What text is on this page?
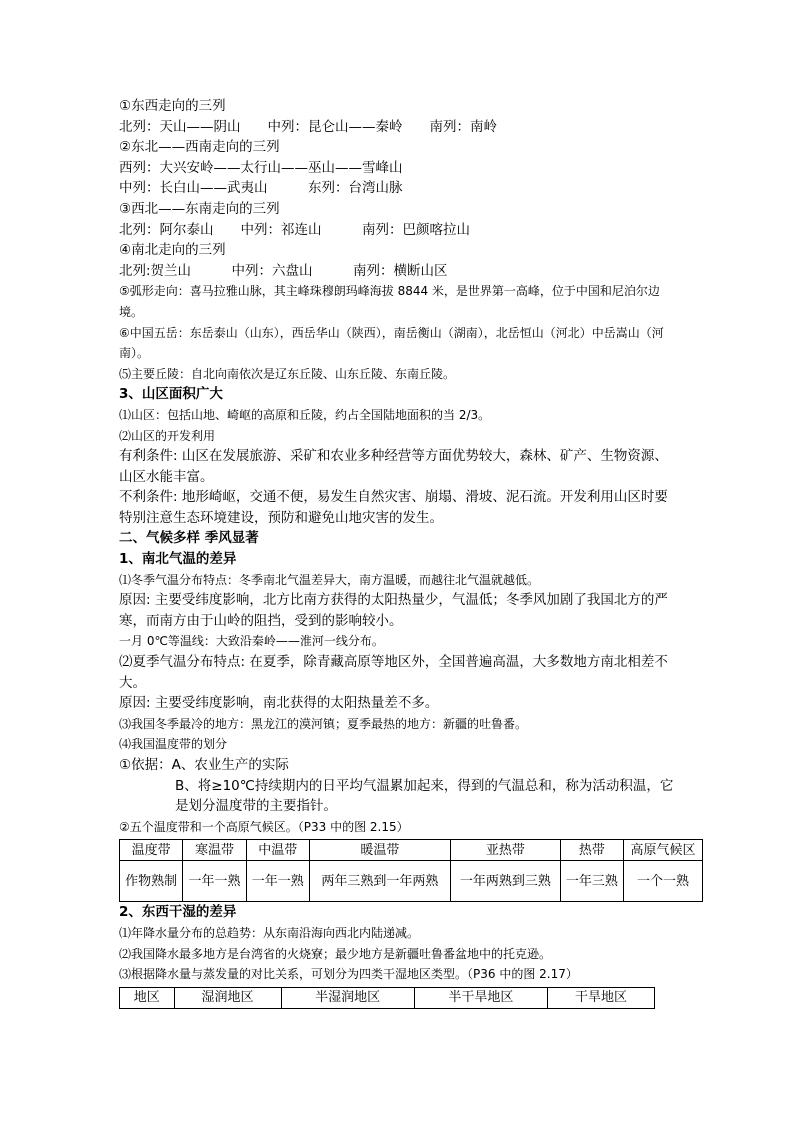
①东西走向的三列
北列：天山——阴山　　中列：昆仑山——秦岭　　南列：南岭
②东北——西南走向的三列
西列：大兴安岭——太行山——巫山——雪峰山
中列：长白山——武夷山　　　东列：台湾山脉
③西北——东南走向的三列
北列：阿尔泰山　　中列：祁连山　　　南列：巴颜喀拉山
④南北走向的三列
北列:贺兰山　　　中列：六盘山　　　南列：横断山区
⑤弧形走向：喜马拉雅山脉，其主峰珠穆朗玛峰海拔 8844 米，是世界第一高峰，位于中国和尼泊尔边境。
⑥中国五岳：东岳泰山（山东），西岳华山（陕西），南岳衡山（湖南），北岳恒山（河北）中岳嵩山（河南）。
⑸主要丘陵：自北向南依次是辽东丘陵、山东丘陵、东南丘陵。
3、山区面积广大
⑴山区：包括山地、崎岖的高原和丘陵，约占全国陆地面积的当 2/3。
⑵山区的开发利用
有利条件: 山区在发展旅游、采矿和农业多种经营等方面优势较大，森林、矿产、生物资源、山区水能丰富。
不利条件: 地形崎岖，交通不便，易发生自然灾害、崩塌、滑坡、泥石流。开发利用山区时要特别注意生态环境建设，预防和避免山地灾害的发生。
二、气候多样 季风显著
1、南北气温的差异
⑴冬季气温分布特点：冬季南北气温差异大，南方温暖，而越往北气温就越低。
原因: 主要受纬度影响，北方比南方获得的太阳热量少，气温低；冬季风加剧了我国北方的严寒，而南方由于山岭的阻挡，受到的影响较小。
一月 0℃等温线：大致沿秦岭——淮河一线分布。
⑵夏季气温分布特点: 在夏季，除青藏高原等地区外，全国普遍高温，大多数地方南北相差不大。
原因: 主要受纬度影响，南北获得的太阳热量差不多。
⑶我国冬季最冷的地方：黑龙江的漠河镇；夏季最热的地方：新疆的吐鲁番。
⑷我国温度带的划分
①依据：A、农业生产的实际
B、将≥10℃持续期内的日平均气温累加起来，得到的气温总和，称为活动积温，它是划分温度带的主要指针。
②五个温度带和一个高原气候区。（P33 中的图 2.15）
温度带	寒温带	中温带	暖温带	亚热带	热带	高原气候区
作物熟制	一年一熟	一年一熟	两年三熟到一年两熟	一年两熟到三熟	一年三熟	一个一熟
2、东西干湿的差异
⑴年降水量分布的总趋势：从东南沿海向西北内陆递减。
⑵我国降水最多地方是台湾省的火烧寮；最少地方是新疆吐鲁番盆地中的托克逊。
⑶根据降水量与蒸发量的对比关系，可划分为四类干湿地区类型。（P36 中的图 2.17）
地区	湿润地区	半湿润地区	半干旱地区	干旱地区
